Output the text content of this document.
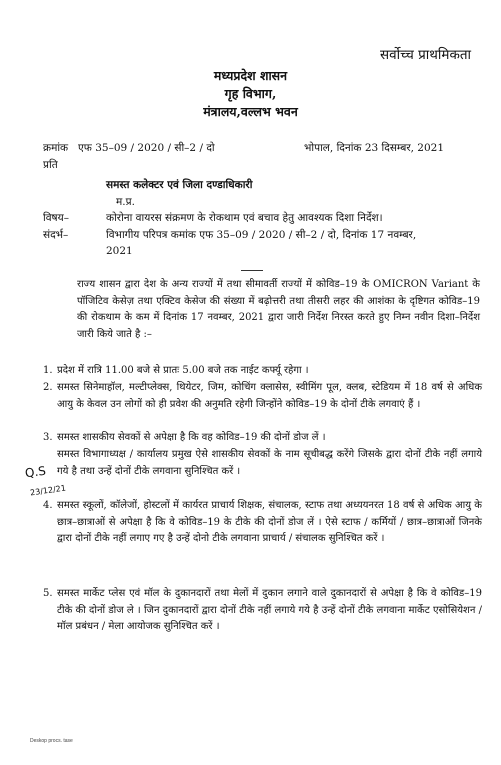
सर्वोच्च प्राथमिकता
मध्यप्रदेश शासन
गृह विभाग,
मंत्रालय,वल्लभ भवन
क्रमांक एफ 35–09 / 2020 / सी–2 / दो	भोपाल, दिनांक 23 दिसम्बर, 2021
प्रति
समस्त कलेक्टर एवं जिला दण्डाधिकारी
म.प्र.
विषय–	कोरोना वायरस संक्रमण के रोकथाम एवं बचाव हेतु आवश्यक दिशा निर्देश।
संदर्भ–	विभागीय परिपत्र कमांक एफ 35–09 / 2020 / सी–2 / दो, दिनांक 17 नवम्बर,
2021
राज्य शासन द्वारा देश के अन्य राज्यों में तथा सीमावर्ती राज्यों में कोविड–19 के OMICRON Variant के पॉजिटिव केसेज़ तथा एक्टिव केसेज की संख्या में बढ़ोत्तरी तथा तीसरी लहर की आशंका के दृष्टिगत कोविड–19 की रोकथाम के कम में दिनांक 17 नवम्बर, 2021 द्वारा जारी निर्देश निरस्त करते हुए निम्न नवीन दिशा–निर्देश जारी किये जाते है :–
1. प्रदेश में रात्रि 11.00 बजे से प्रातः 5.00 बजे तक नाईट कर्फ्यू रहेगा ।
2. समस्त सिनेमाहॉल, मल्टीप्लेक्स, थियेटर, जिम, कोचिंग क्लासेस, स्वीमिंग पूल, क्लब, स्टेडियम में 18 वर्ष से अधिक आयु के केवल उन लोगों को ही प्रवेश की अनुमति रहेगी जिन्होंने कोविड–19 के दोनों टीके लगवाएं हैं ।
3. समस्त शासकीय सेवकों से अपेक्षा है कि वह कोविड–19 की दोनों डोज लें ।
समस्त विभागाध्यक्ष / कार्यालय प्रमुख ऐसे शासकीय सेवकों के नाम सूचीबद्ध करेंगे जिसके द्वारा दोनों टीके नहीं लगाये गये है तथा उन्हें दोनों टीके लगवाना सुनिश्चित करें ।
4. समस्त स्कूलों, कॉलेजों, होस्टलों में कार्यरत प्राचार्य शिक्षक, संचालक, स्टाफ तथा अध्ययनरत 18 वर्ष से अधिक आयु के छात्र–छात्राओं से अपेक्षा है कि वे कोविड–19 के टीके की दोनों डोज लें । ऐसे स्टाफ / कर्मियों / छात्र–छात्राओं जिनके द्वारा दोनों टीके नहीं लगाए गए है उन्हें दोनो टीके लगवाना प्राचार्य / संचालक सुनिश्चित करें ।
5. समस्त मार्केट प्लेस एवं मॉल के दुकानदारों तथा मेलों में दुकान लगाने वाले दुकानदारों से अपेक्षा है कि वे कोविड–19 टीके की दोनों डोज ले । जिन दुकानदारों द्वारा दोनों टीके नहीं लगाये गये है उन्हें दोनों टीके लगवाना मार्केट एसोसियेशन / मॉल प्रबंधन / मेला आयोजक सुनिश्चित करें ।
Q.S
23/12/21
Deskop procs. tase
